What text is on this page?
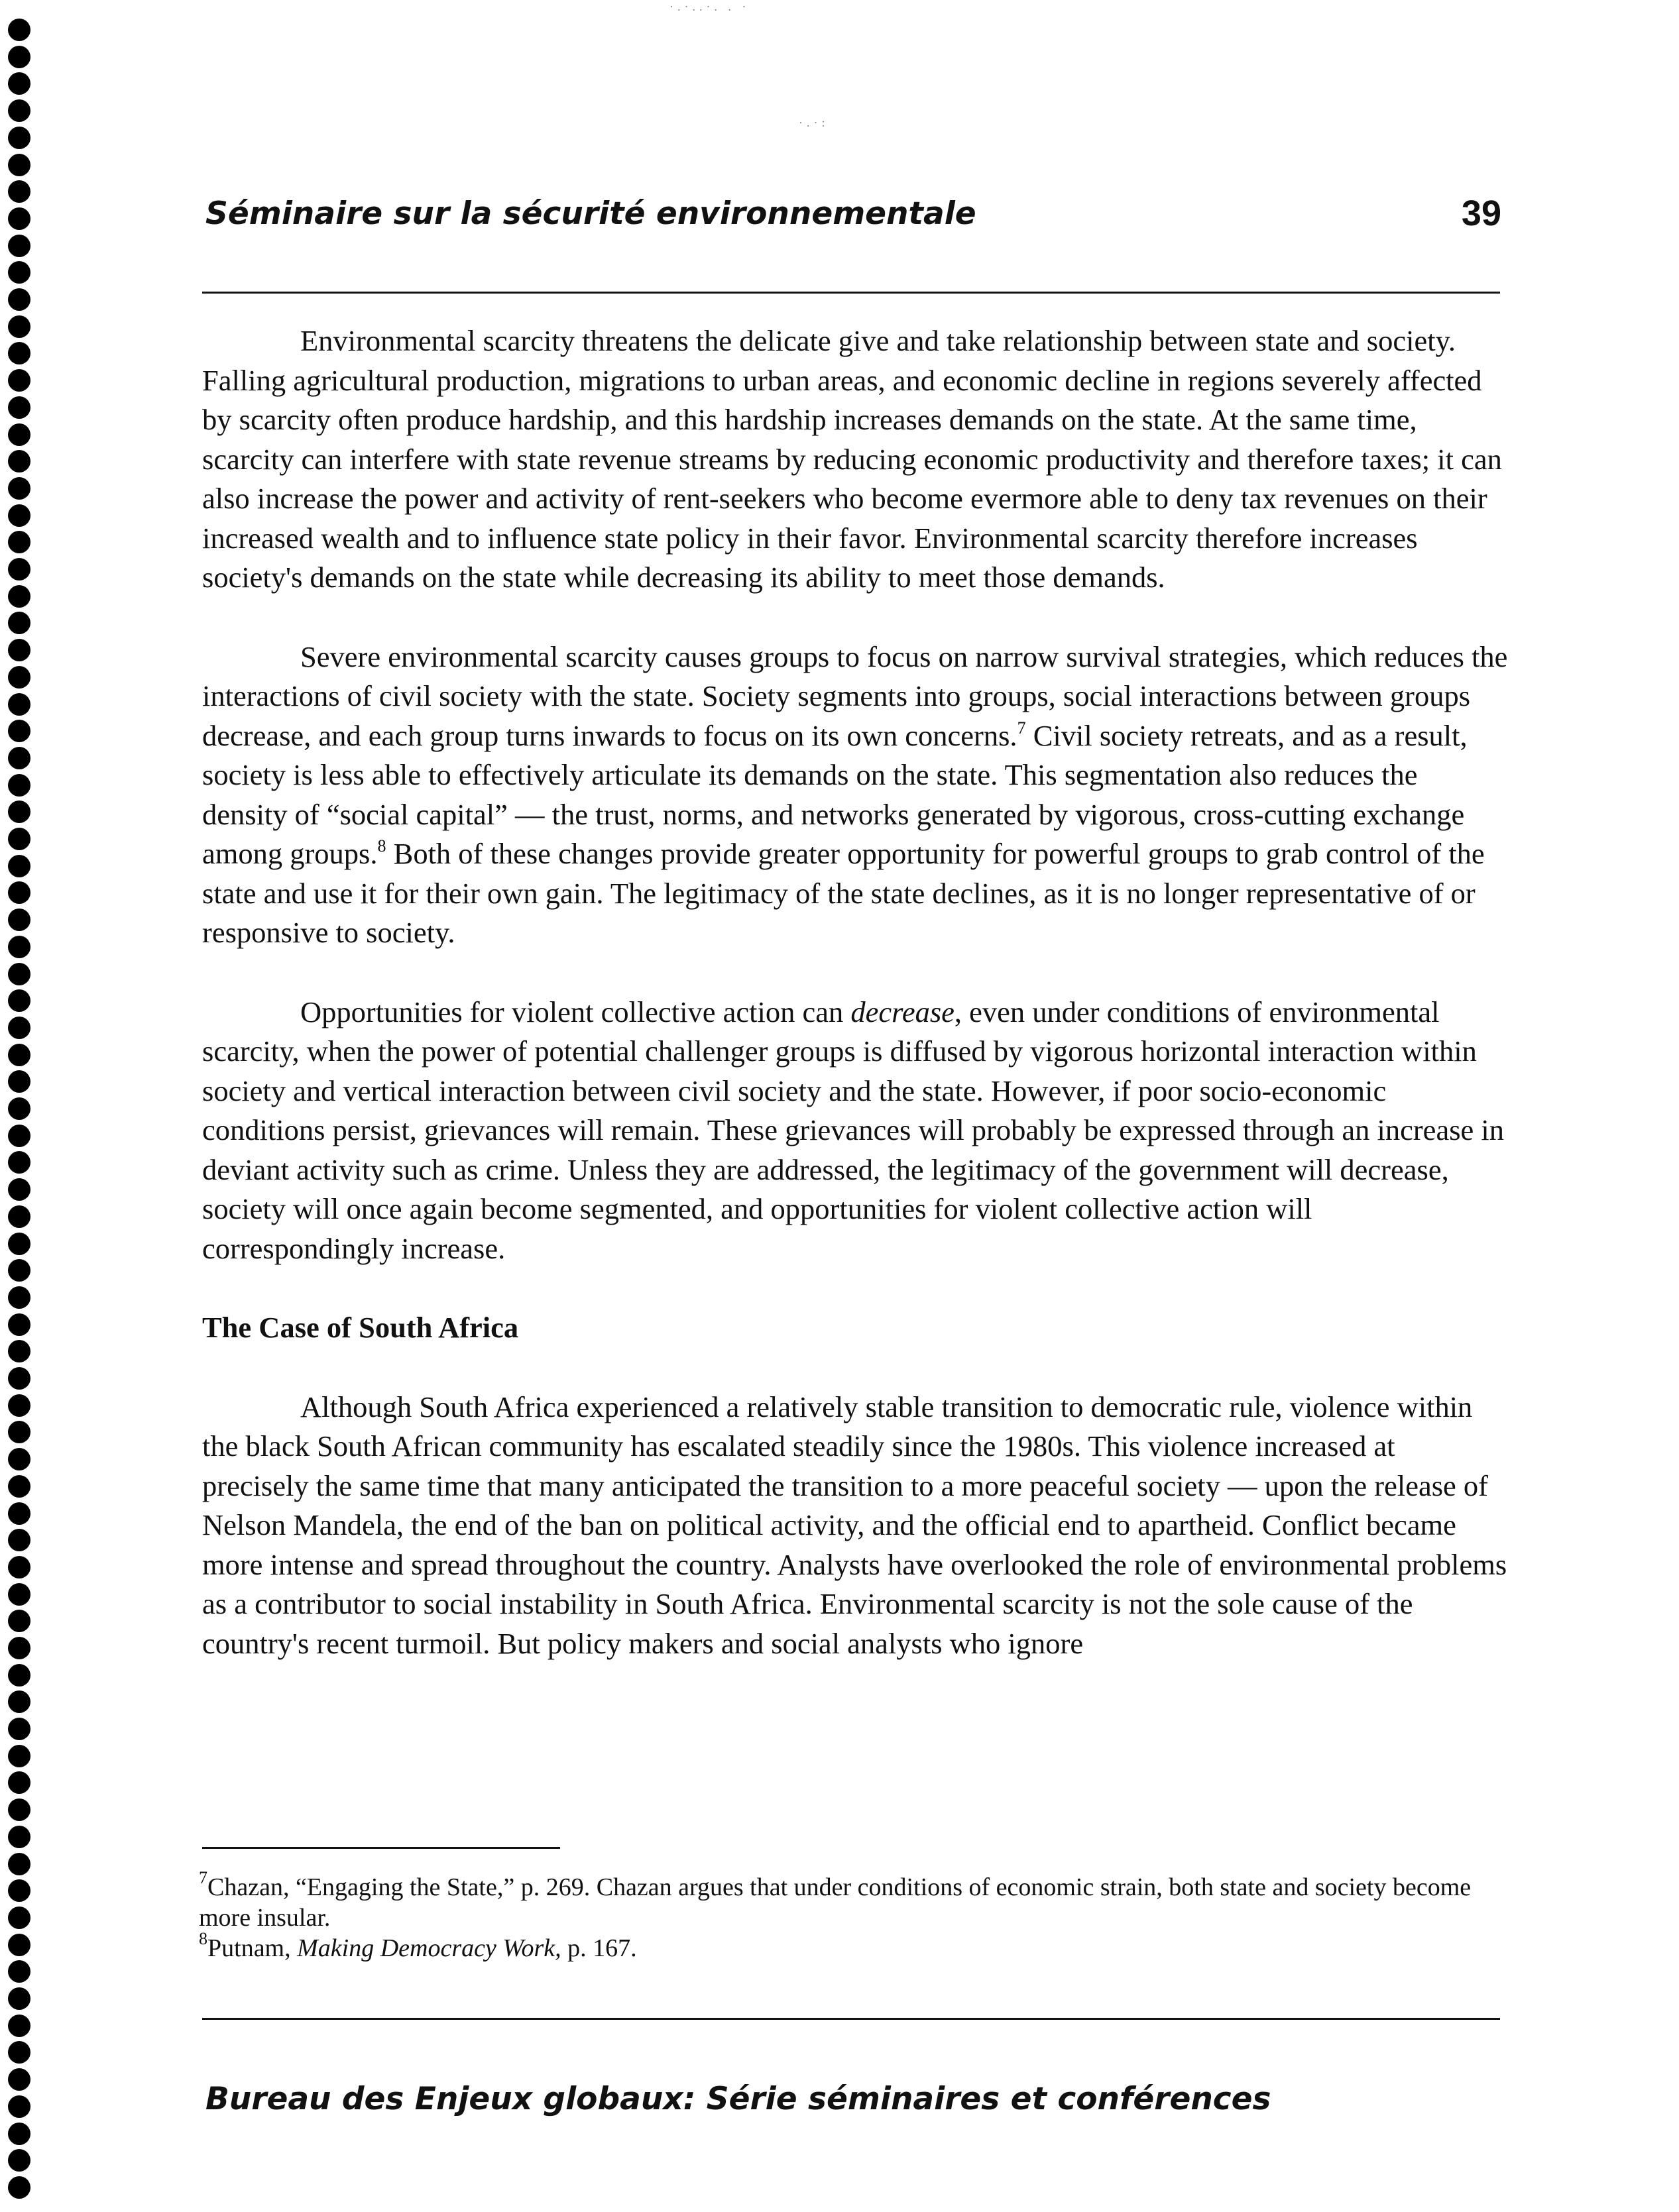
·.·..·. . ·
·.·:
Séminaire sur la sécurité environnementale	39

Environmental scarcity threatens the delicate give and take relationship between state and society. Falling agricultural production, migrations to urban areas, and economic decline in regions severely affected by scarcity often produce hardship, and this hardship increases demands on the state. At the same time, scarcity can interfere with state revenue streams by reducing economic productivity and therefore taxes; it can also increase the power and activity of rent-seekers who become evermore able to deny tax revenues on their increased wealth and to influence state policy in their favor. Environmental scarcity therefore increases society's demands on the state while decreasing its ability to meet those demands.

Severe environmental scarcity causes groups to focus on narrow survival strategies, which reduces the interactions of civil society with the state. Society segments into groups, social interactions between groups decrease, and each group turns inwards to focus on its own concerns.$^7$ Civil society retreats, and as a result, society is less able to effectively articulate its demands on the state. This segmentation also reduces the density of “social capital” — the trust, norms, and networks generated by vigorous, cross-cutting exchange among groups.$^8$ Both of these changes provide greater opportunity for powerful groups to grab control of the state and use it for their own gain. The legitimacy of the state declines, as it is no longer representative of or responsive to society.

Opportunities for violent collective action can decrease, even under conditions of environmental scarcity, when the power of potential challenger groups is diffused by vigorous horizontal interaction within society and vertical interaction between civil society and the state. However, if poor socio-economic conditions persist, grievances will remain. These grievances will probably be expressed through an increase in deviant activity such as crime. Unless they are addressed, the legitimacy of the government will decrease, society will once again become segmented, and opportunities for violent collective action will correspondingly increase.

The Case of South Africa

Although South Africa experienced a relatively stable transition to democratic rule, violence within the black South African community has escalated steadily since the 1980s. This violence increased at precisely the same time that many anticipated the transition to a more peaceful society — upon the release of Nelson Mandela, the end of the ban on political activity, and the official end to apartheid. Conflict became more intense and spread throughout the country. Analysts have overlooked the role of environmental problems as a contributor to social instability in South Africa. Environmental scarcity is not the sole cause of the country's recent turmoil. But policy makers and social analysts who ignore

$^7$Chazan, “Engaging the State,” p. 269. Chazan argues that under conditions of economic strain, both state and society become more insular.
$^8$Putnam, Making Democracy Work, p. 167.
Bureau des Enjeux globaux: Série séminaires et conférences
